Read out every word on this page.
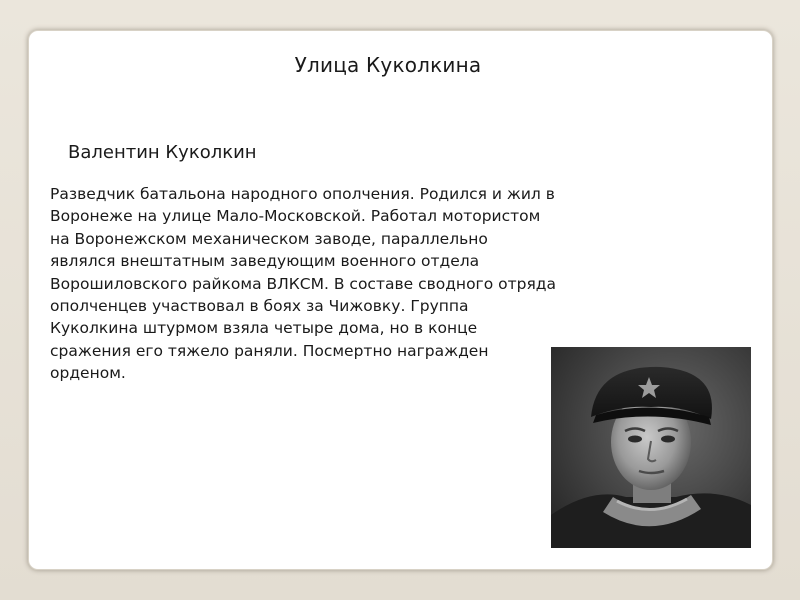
Улица Куколкина
Валентин Куколкин
Разведчик батальона народного ополчения. Родился и жил в
Воронеже на улице Мало-Московской. Работал мотористом
на Воронежском механическом заводе, параллельно
являлся внештатным заведующим военного отдела
Ворошиловского райкома ВЛКСМ. В составе сводного отряда
ополченцев участвовал в боях за Чижовку. Группа
Куколкина штурмом взяла четыре дома, но в конце
сражения его тяжело раняли. Посмертно награжден
орденом.
